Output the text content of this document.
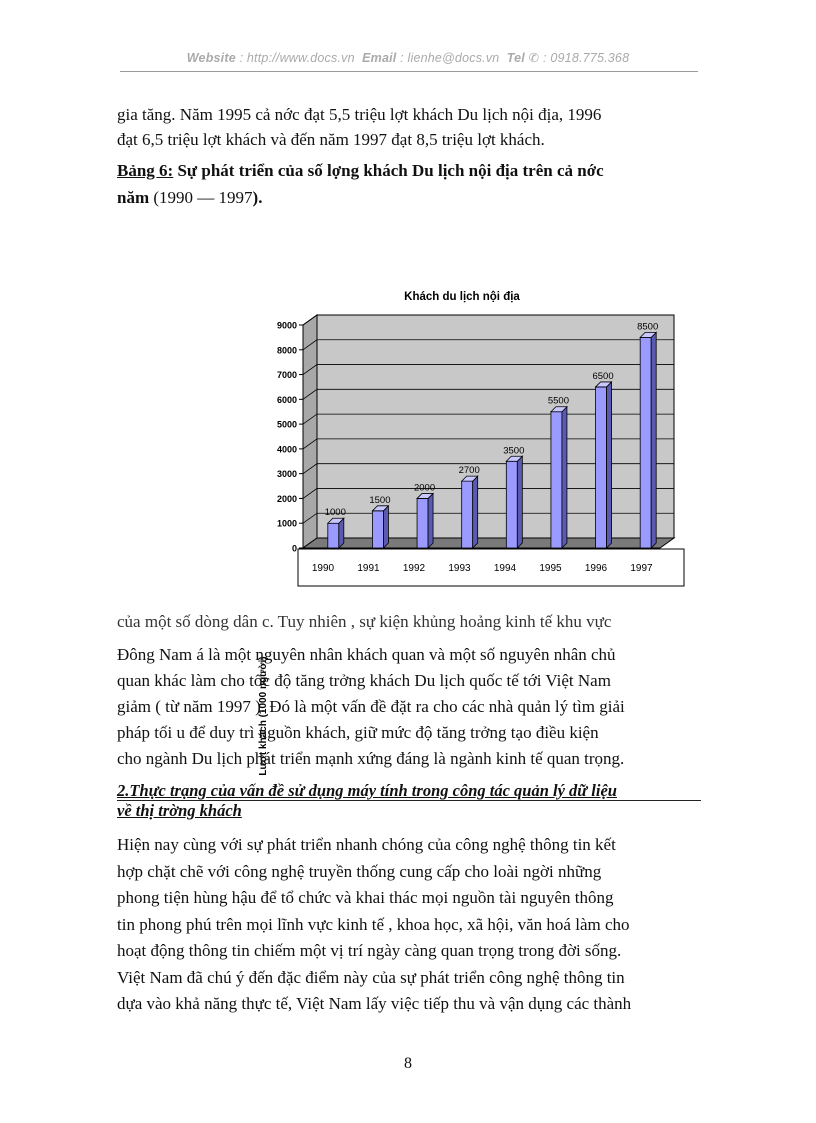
Website : http://www.docs.vn Email : lienhe@docs.vn Tel ✆ : 0918.775.368

gia tăng. Năm 1995 cả nớc đạt 5,5 triệu lợt khách Du lịch nội địa, 1996
đạt 6,5 triệu lợt khách và đến năm 1997 đạt 8,5 triệu lợt khách.

Bảng 6: Sự phát triển của số lợng khách Du lịch nội địa trên cả nớc
năm (1990 — 1997).

Khách du lịch nội địa
Lượt khách (1000 người)
0
1000
2000
3000
4000
5000
6000
7000
8000
9000
1000
1500
2000
2700
3500
5500
6500
8500
1990 1991 1992 1993 1994 1995 1996 1997

của một số dòng dân c. Tuy nhiên , sự kiện khủng hoảng kinh tế khu vực

Đông Nam á là một nguyên nhân khách quan và một số nguyên nhân chủ
quan khác làm cho tốc độ tăng trởng khách Du lịch quốc tế tới Việt Nam
giảm ( từ năm 1997 ). Đó là một vấn đề đặt ra cho các nhà quản lý tìm giải
pháp tối u để duy trì nguồn khách, giữ mức độ tăng trởng tạo điều kiện
cho ngành Du lịch phát triển mạnh xứng đáng là ngành kinh tế quan trọng.

2.Thực trạng của vấn đề sử dụng máy tính trong công tác quản lý dữ liệu
về thị trờng khách

Hiện nay cùng với sự phát triển nhanh chóng của công nghệ thông tin kết
hợp chặt chẽ với công nghệ truyền thống cung cấp cho loài ngời những
phong tiện hùng hậu để tổ chức và khai thác mọi nguồn tài nguyên thông
tin phong phú trên mọi lĩnh vực kinh tế , khoa học, xã hội, văn hoá làm cho
hoạt động thông tin chiếm một vị trí ngày càng quan trọng trong đời sống.
Việt Nam đã chú ý đến đặc điểm này của sự phát triển công nghệ thông tin
dựa vào khả năng thực tế, Việt Nam lấy việc tiếp thu và vận dụng các thành

8
